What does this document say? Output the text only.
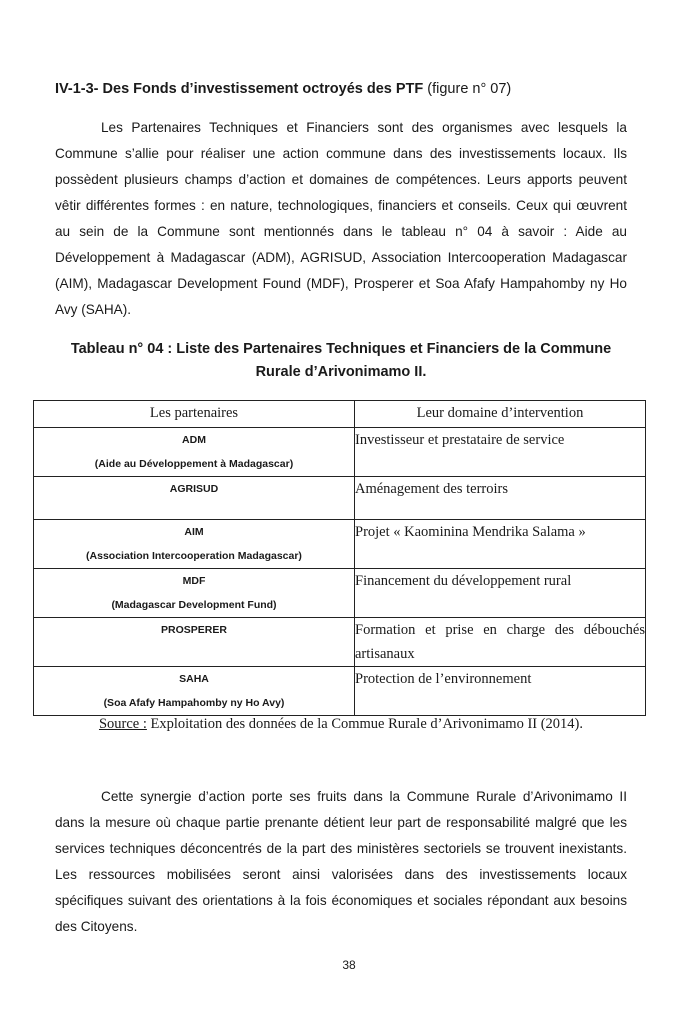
IV-1-3- Des Fonds d’investissement octroyés des PTF (figure n° 07)

Les Partenaires Techniques et Financiers sont des organismes avec lesquels la Commune s’allie pour réaliser une action commune dans des investissements locaux. Ils possèdent plusieurs champs d’action et domaines de compétences. Leurs apports peuvent vêtir différentes formes : en nature, technologiques, financiers et conseils. Ceux qui œuvrent au sein de la Commune sont mentionnés dans le tableau n° 04 à savoir : Aide au Développement à Madagascar (ADM), AGRISUD, Association Intercooperation Madagascar (AIM), Madagascar Development Found (MDF), Prosperer et Soa Afafy Hampahomby ny Ho Avy (SAHA).

Tableau n° 04 : Liste des Partenaires Techniques et Financiers de la Commune
Rurale d’Arivonimamo II.
Les partenaires	Leur domaine d’intervention

ADM
(Aide au Développement à Madagascar)	Investisseur et prestataire de service

AGRISUD	Aménagement des terroirs

AIM
(Association Intercooperation Madagascar)	Projet « Kaominina Mendrika Salama »

MDF
(Madagascar Development Fund)	Financement du développement rural

PROSPERER	Formation et prise en charge des débouchés artisanaux

SAHA
(Soa Afafy Hampahomby ny Ho Avy)	Protection de l’environnement
Source : Exploitation des données de la Commue Rurale d’Arivonimamo II (2014).

Cette synergie d’action porte ses fruits dans la Commune Rurale d’Arivonimamo II dans la mesure où chaque partie prenante détient leur part de responsabilité malgré que les services techniques déconcentrés de la part des ministères sectoriels se trouvent inexistants. Les ressources mobilisées seront ainsi valorisées dans des investissements locaux spécifiques suivant des orientations à la fois économiques et sociales répondant aux besoins des Citoyens.

38
